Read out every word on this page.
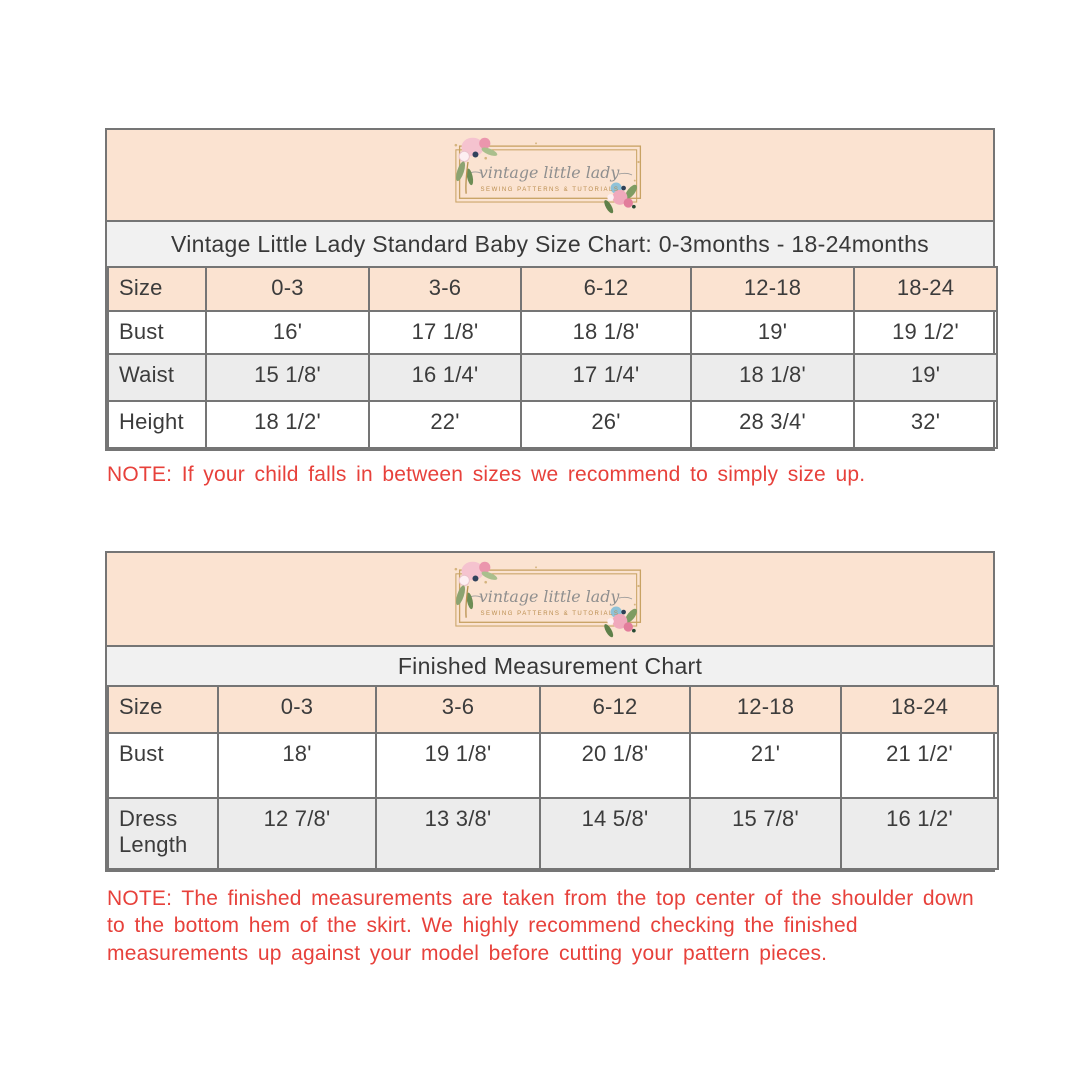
vintage little lady
SEWING PATTERNS & TUTORIALS
Vintage Little Lady Standard Baby Size Chart: 0-3months - 18-24months
Size	0-3	3-6	6-12	12-18	18-24
Bust	16'	17 1/8'	18 1/8'	19'	19 1/2'
Waist	15 1/8'	16 1/4'	17 1/4'	18 1/8'	19'
Height	18 1/2'	22'	26'	28 3/4'	32'

NOTE: If your child falls in between sizes we recommend to simply size up.

vintage little lady
SEWING PATTERNS & TUTORIALS
Finished Measurement Chart
Size	0-3	3-6	6-12	12-18	18-24
Bust	18'	19 1/8'	20 1/8'	21'	21 1/2'
Dress Length	12 7/8'	13 3/8'	14 5/8'	15 7/8'	16 1/2'

NOTE: The finished measurements are taken from the top center of the shoulder down to the bottom hem of the skirt. We highly recommend checking the finished measurements up against your model before cutting your pattern pieces.
